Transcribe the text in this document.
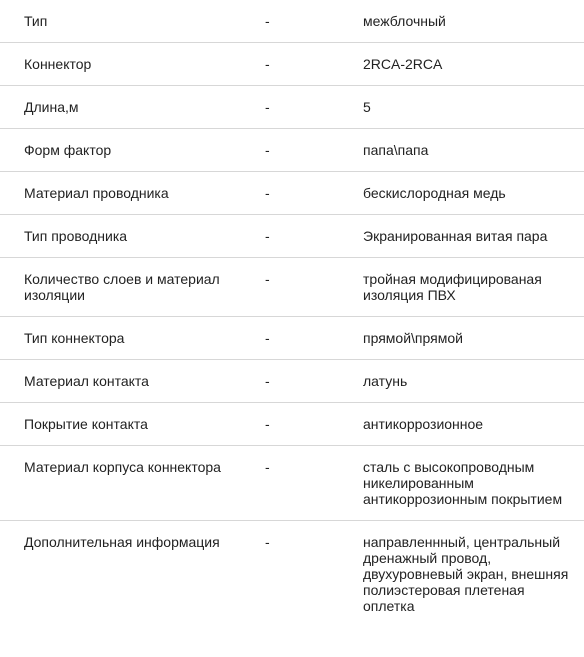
Тип	-	межблочный

Коннектор	-	2RCA-2RCA

Длина,м	-	5

Форм фактор	-	папа\папа

Материал проводника	-	бескислородная медь

Тип проводника	-	Экранированная витая пара

Количество слоев и материал изоляции	-	тройная модифицированая изоляция ПВХ

Тип коннектора	-	прямой\прямой

Материал контакта	-	латунь

Покрытие контакта	-	антикоррозионное

Материал корпуса коннектора	-	сталь с высокопроводным никелированным антикоррозионным покрытием

Дополнительная информация	-	направленнный, центральный дренажный провод, двухуровневый экран, внешняя полиэстеровая плетеная оплетка
